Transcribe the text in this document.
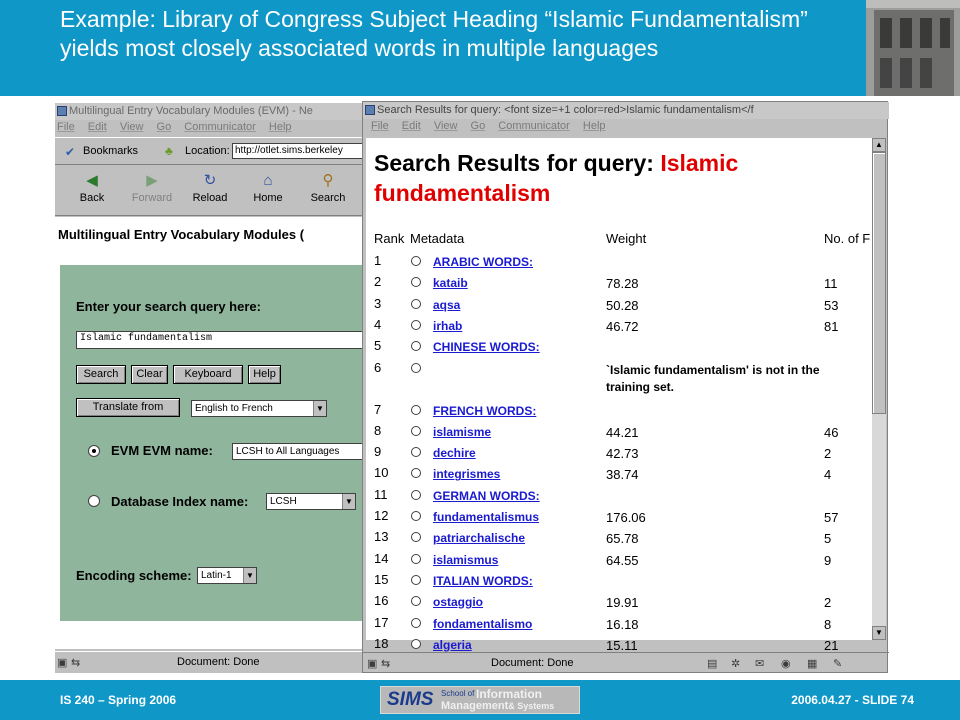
Example: Library of Congress Subject Heading “Islamic Fundamentalism” yields most closely associated words in multiple languages
Multilingual Entry Vocabulary Modules (EVM) - Ne
File Edit View Go Communicator Help
✔ Bookmarks ♣ Location: http://otlet.sims.berkeley
◀
Back
▶
Forward
↻
Reload
⌂
Home
⚲
Search
Multilingual Entry Vocabulary Modules (
Enter your search query here:
Islamic fundamentalism
Search	Clear	Keyboard	Help
Translate from	English to French	▼
EVM EVM name:	LCSH to All Languages
Database Index name:	LCSH	▼
Encoding scheme: Latin-1	▼
▣ ⇆	Document: Done
Search Results for query: <font size=+1 color=red>Islamic fundamentalism</f
File Edit View Go Communicator Help
Search Results for query: Islamic
fundamentalism
Rank Metadata	Weight	No. of F
1	ARABIC WORDS:
2	kataib	78.28	11
3	aqsa	50.28	53
4	irhab	46.72	81
5	CHINESE WORDS:
6	`Islamic fundamentalism' is not in the training set.
7	FRENCH WORDS:
8	islamisme	44.21	46
9	dechire	42.73	2
10	integrismes	38.74	4
11	GERMAN WORDS:
12	fundamentalismus	176.06	57
13	patriarchalische	65.78	5
14	islamismus	64.55	9
15	ITALIAN WORDS:
16	ostaggio	19.91	2
17	fondamentalismo	16.18	8
18	algeria	15.11	21
▲
▼
▣ ⇆	Document: Done	▤ ✲ ✉ ◉ ▦ ✎
IS 240 – Spring 2006	SIMS School of Information
Management& Systems	2006.04.27 - SLIDE 74
